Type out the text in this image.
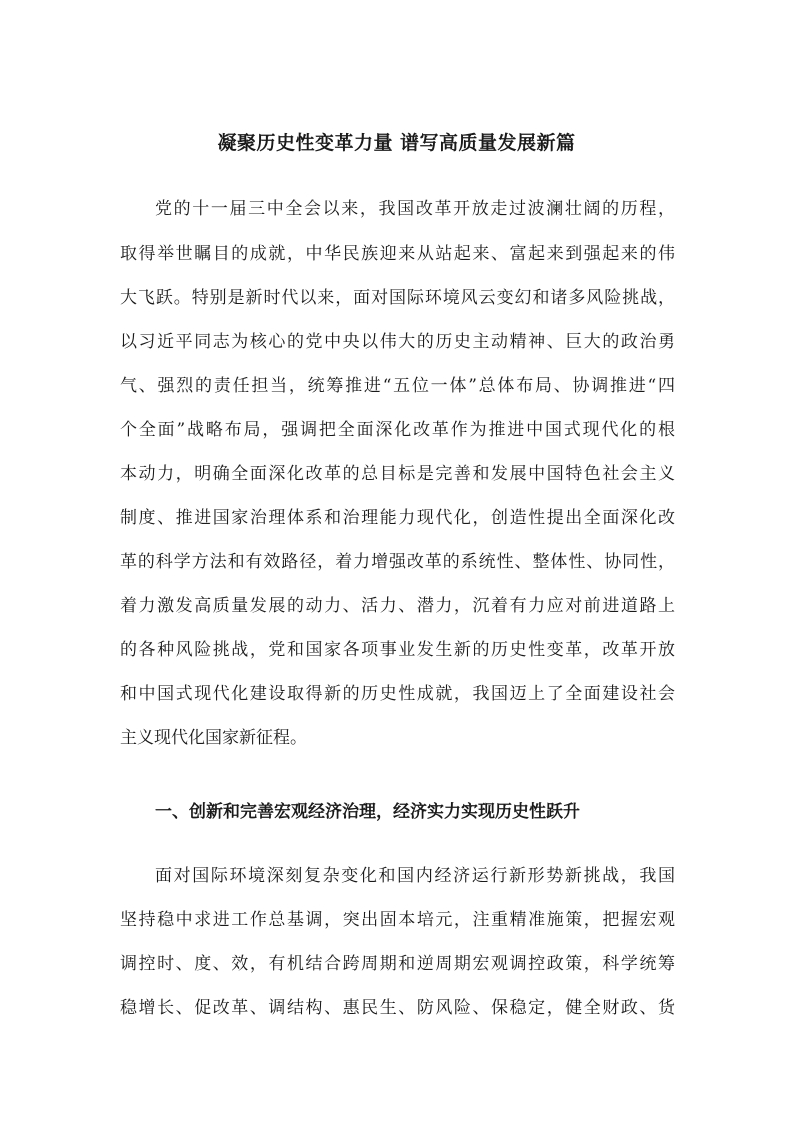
凝聚历史性变革力量 谱写高质量发展新篇

党的十一届三中全会以来，我国改革开放走过波澜壮阔的历程，

取得举世瞩目的成就，中华民族迎来从站起来、富起来到强起来的伟

大飞跃。特别是新时代以来，面对国际环境风云变幻和诸多风险挑战，

以习近平同志为核心的党中央以伟大的历史主动精神、巨大的政治勇

气、强烈的责任担当，统筹推进“五位一体”总体布局、协调推进“四

个全面”战略布局，强调把全面深化改革作为推进中国式现代化的根

本动力，明确全面深化改革的总目标是完善和发展中国特色社会主义

制度、推进国家治理体系和治理能力现代化，创造性提出全面深化改

革的科学方法和有效路径，着力增强改革的系统性、整体性、协同性，

着力激发高质量发展的动力、活力、潜力，沉着有力应对前进道路上

的各种风险挑战，党和国家各项事业发生新的历史性变革，改革开放

和中国式现代化建设取得新的历史性成就，我国迈上了全面建设社会

主义现代化国家新征程。

一、创新和完善宏观经济治理，经济实力实现历史性跃升

面对国际环境深刻复杂变化和国内经济运行新形势新挑战，我国

坚持稳中求进工作总基调，突出固本培元，注重精准施策，把握宏观

调控时、度、效，有机结合跨周期和逆周期宏观调控政策，科学统筹

稳增长、促改革、调结构、惠民生、防风险、保稳定，健全财政、货
